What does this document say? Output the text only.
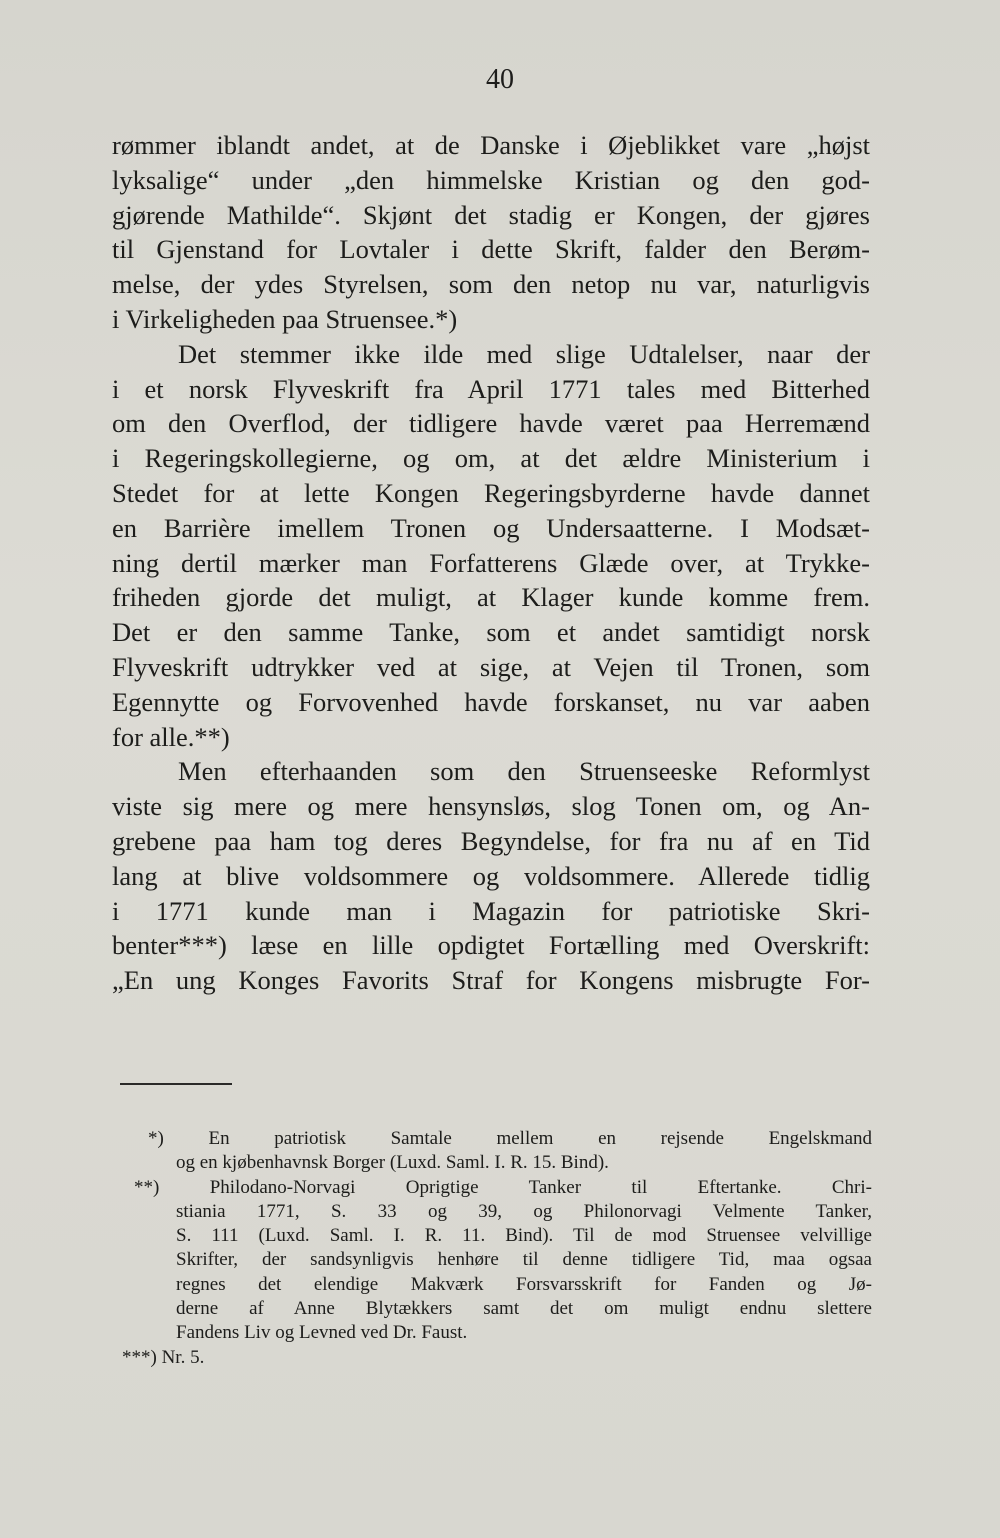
40
rømmer iblandt andet, at de Danske i Øjeblikket vare „højst
lyksalige“ under „den himmelske Kristian og den god-
gjørende Mathilde“. Skjønt det stadig er Kongen, der gjøres
til Gjenstand for Lovtaler i dette Skrift, falder den Berøm-
melse, der ydes Styrelsen, som den netop nu var, naturligvis
i Virkeligheden paa Struensee.*)
Det stemmer ikke ilde med slige Udtalelser, naar der
i et norsk Flyveskrift fra April 1771 tales med Bitterhed
om den Overflod, der tidligere havde været paa Herremænd
i Regeringskollegierne, og om, at det ældre Ministerium i
Stedet for at lette Kongen Regeringsbyrderne havde dannet
en Barrière imellem Tronen og Undersaatterne. I Modsæt-
ning dertil mærker man Forfatterens Glæde over, at Trykke-
friheden gjorde det muligt, at Klager kunde komme frem.
Det er den samme Tanke, som et andet samtidigt norsk
Flyveskrift udtrykker ved at sige, at Vejen til Tronen, som
Egennytte og Forvovenhed havde forskanset, nu var aaben
for alle.**)
Men efterhaanden som den Struenseeske Reformlyst
viste sig mere og mere hensynsløs, slog Tonen om, og An-
grebene paa ham tog deres Begyndelse, for fra nu af en Tid
lang at blive voldsommere og voldsommere. Allerede tidlig
i 1771 kunde man i Magazin for patriotiske Skri-
benter***) læse en lille opdigtet Fortælling med Overskrift:
„En ung Konges Favorits Straf for Kongens misbrugte For-
*) En patriotisk Samtale mellem en rejsende Engelskmand
og en kjøbenhavnsk Borger (Luxd. Saml. I. R. 15. Bind).
**) Philodano-Norvagi Oprigtige Tanker til Eftertanke. Chri-
stiania 1771, S. 33 og 39, og Philonorvagi Velmente Tanker,
S. 111 (Luxd. Saml. I. R. 11. Bind). Til de mod Struensee velvillige
Skrifter, der sandsynligvis henhøre til denne tidligere Tid, maa ogsaa
regnes det elendige Makværk Forsvarsskrift for Fanden og Jø-
derne af Anne Blytækkers samt det om muligt endnu slettere
Fandens Liv og Levned ved Dr. Faust.
***) Nr. 5.
